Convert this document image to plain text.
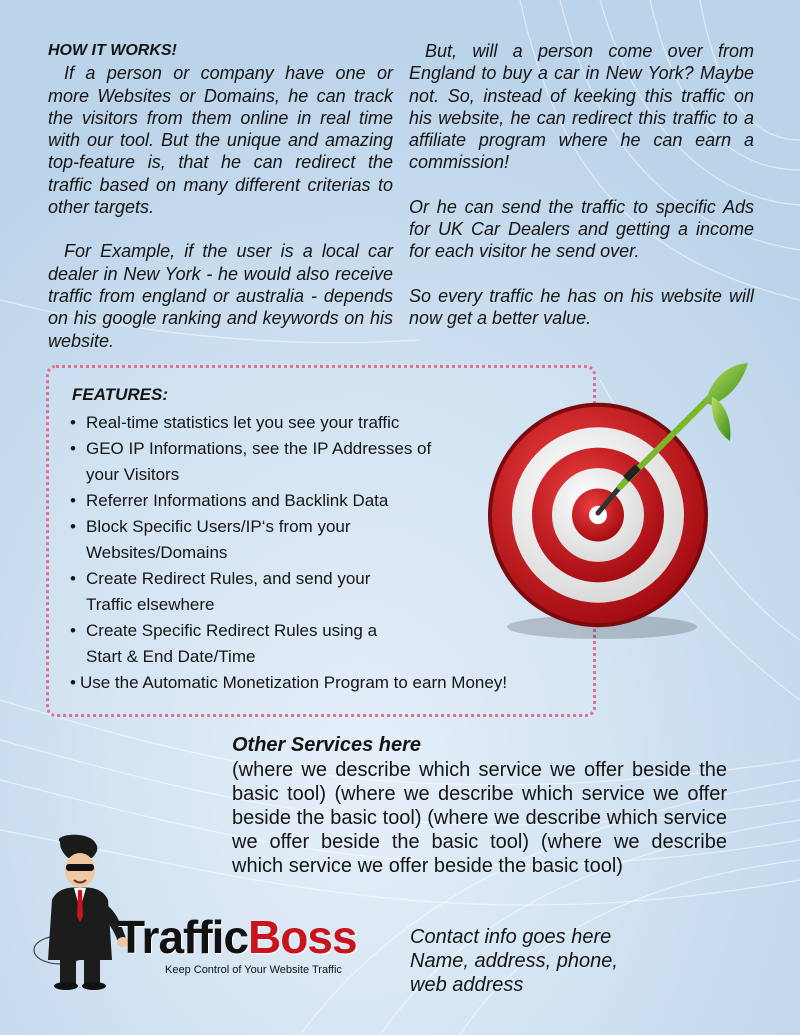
HOW IT WORKS!

If a person or company have one or more Websites or Domains, he can track the visitors from them online in real time with our tool. But the unique and amazing top-feature is, that he can redirect the traffic based on many different criterias to other targets.

For Example, if the user is a local car dealer in New York - he would also receive traffic from england or australia - depends on his google ranking and keywords on his website.

But, will a person come over from England to buy a car in New York? Maybe not. So, instead of keeking this traffic on his website, he can redirect this traffic to a affiliate program where he can earn a commission!

Or he can send the traffic to specific Ads for UK Car Dealers and getting a income for each visitor he send over.

So every traffic he has on his website will now get a better value.

FEATURES:
• Real-time statistics let you see your traffic
• GEO IP Informations, see the IP Addresses of
your Visitors
• Referrer Informations and Backlink Data
• Block Specific Users/IP‘s from your
Websites/Domains
• Create Redirect Rules, and send your
Traffic elsewhere
• Create Specific Redirect Rules using a
Start & End Date/Time
• Use the Automatic Monetization Program to earn Money!
Other Services here
(where we describe which service we offer beside the basic tool) (where we describe which service we offer beside the basic tool) (where we describe which service we offer beside the basic tool) (where we describe which service we offer beside the basic tool)
TrafficBoss
Keep Control of Your Website Traffic
Contact info goes here
Name, address, phone,
web address
